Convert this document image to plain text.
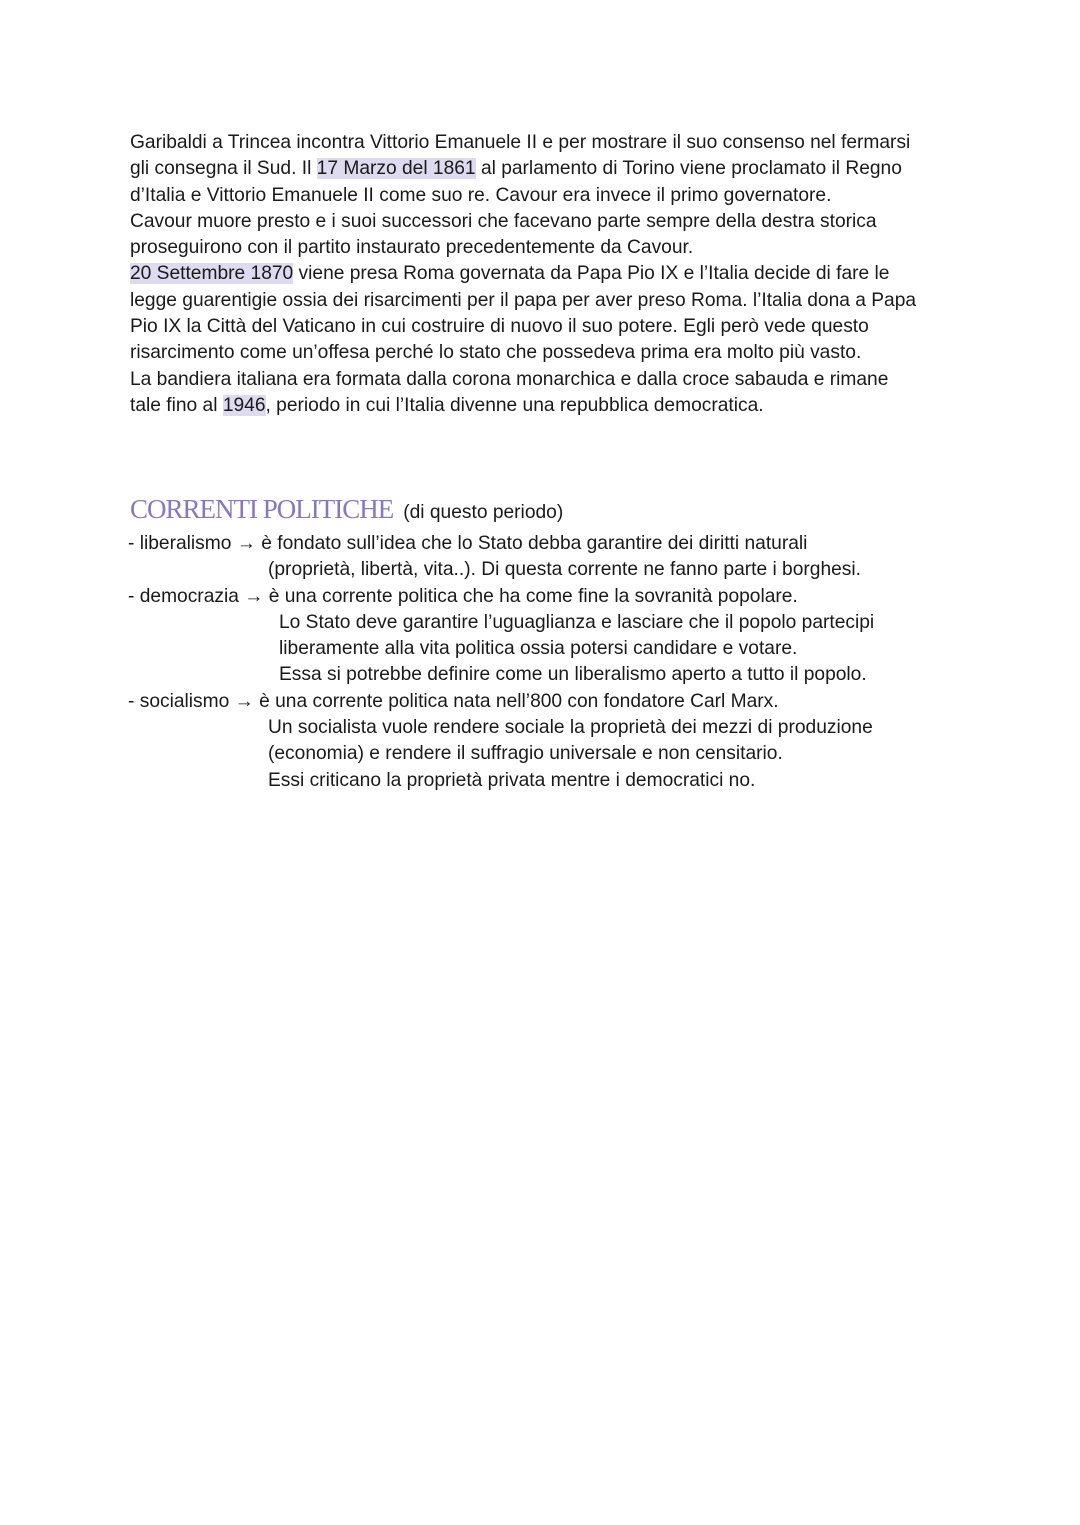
Garibaldi a Trincea incontra Vittorio Emanuele II e per mostrare il suo consenso nel fermarsi
gli consegna il Sud. Il 17 Marzo del 1861 al parlamento di Torino viene proclamato il Regno
d’Italia e Vittorio Emanuele II come suo re. Cavour era invece il primo governatore.
Cavour muore presto e i suoi successori che facevano parte sempre della destra storica
proseguirono con il partito instaurato precedentemente da Cavour.
20 Settembre 1870 viene presa Roma governata da Papa Pio IX e l’Italia decide di fare le
legge guarentigie ossia dei risarcimenti per il papa per aver preso Roma. l’Italia dona a Papa
Pio IX la Città del Vaticano in cui costruire di nuovo il suo potere. Egli però vede questo
risarcimento come un’offesa perché lo stato che possedeva prima era molto più vasto.
La bandiera italiana era formata dalla corona monarchica e dalla croce sabauda e rimane
tale fino al 1946, periodo in cui l’Italia divenne una repubblica democratica.
CORRENTI POLITICHE (di questo periodo)
- liberalismo → è fondato sull’idea che lo Stato debba garantire dei diritti naturali
(proprietà, libertà, vita..). Di questa corrente ne fanno parte i borghesi.
- democrazia → è una corrente politica che ha come fine la sovranità popolare.
Lo Stato deve garantire l’uguaglianza e lasciare che il popolo partecipi
liberamente alla vita politica ossia potersi candidare e votare.
Essa si potrebbe definire come un liberalismo aperto a tutto il popolo.
- socialismo → è una corrente politica nata nell’800 con fondatore Carl Marx.
Un socialista vuole rendere sociale la proprietà dei mezzi di produzione
(economia) e rendere il suffragio universale e non censitario.
Essi criticano la proprietà privata mentre i democratici no.
